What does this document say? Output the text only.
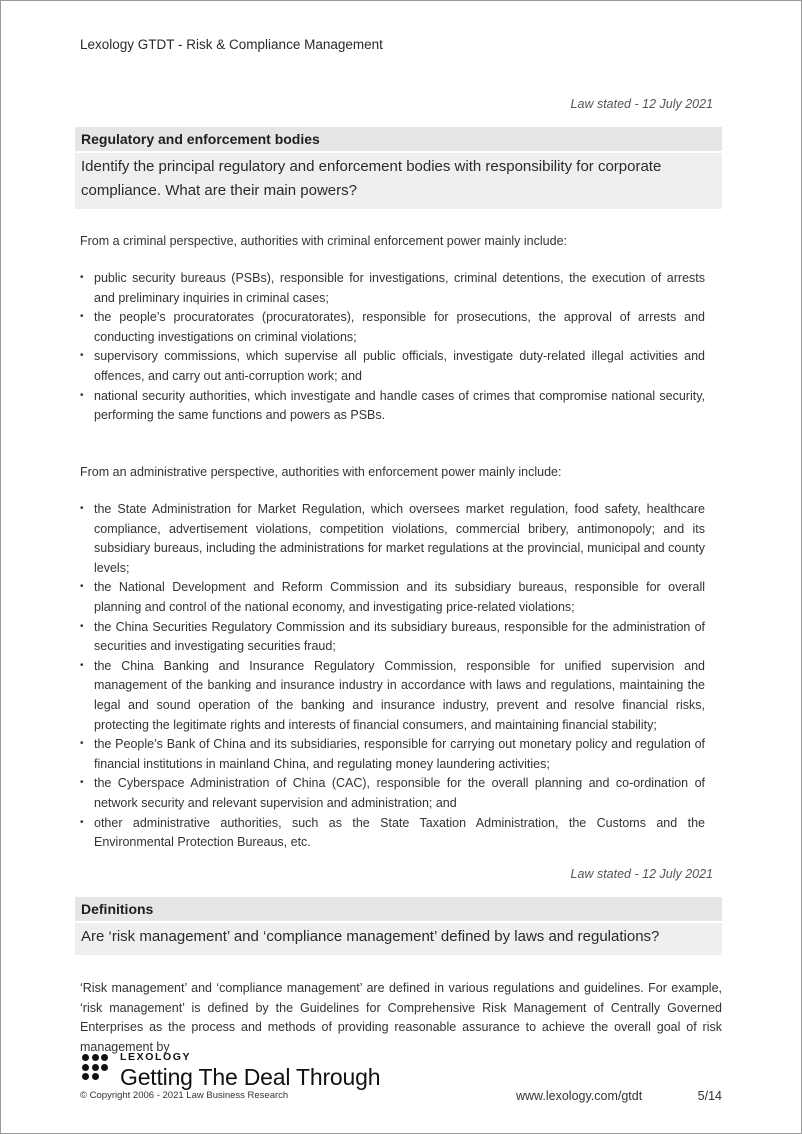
Lexology GTDT - Risk & Compliance Management
Law stated - 12 July 2021
Regulatory and enforcement bodies
Identify the principal regulatory and enforcement bodies with responsibility for corporate compliance. What are their main powers?
From a criminal perspective, authorities with criminal enforcement power mainly include:
• public security bureaus (PSBs), responsible for investigations, criminal detentions, the execution of arrests and preliminary inquiries in criminal cases;
• the people’s procuratorates (procuratorates), responsible for prosecutions, the approval of arrests and conducting investigations on criminal violations;
• supervisory commissions, which supervise all public officials, investigate duty-related illegal activities and offences, and carry out anti-corruption work; and
• national security authorities, which investigate and handle cases of crimes that compromise national security, performing the same functions and powers as PSBs.
From an administrative perspective, authorities with enforcement power mainly include:
• the State Administration for Market Regulation, which oversees market regulation, food safety, healthcare compliance, advertisement violations, competition violations, commercial bribery, antimonopoly; and its subsidiary bureaus, including the administrations for market regulations at the provincial, municipal and county levels;
• the National Development and Reform Commission and its subsidiary bureaus, responsible for overall planning and control of the national economy, and investigating price-related violations;
• the China Securities Regulatory Commission and its subsidiary bureaus, responsible for the administration of securities and investigating securities fraud;
• the China Banking and Insurance Regulatory Commission, responsible for unified supervision and management of the banking and insurance industry in accordance with laws and regulations, maintaining the legal and sound operation of the banking and insurance industry, prevent and resolve financial risks, protecting the legitimate rights and interests of financial consumers, and maintaining financial stability;
• the People’s Bank of China and its subsidiaries, responsible for carrying out monetary policy and regulation of financial institutions in mainland China, and regulating money laundering activities;
• the Cyberspace Administration of China (CAC), responsible for the overall planning and co-ordination of network security and relevant supervision and administration; and
• other administrative authorities, such as the State Taxation Administration, the Customs and the Environmental Protection Bureaus, etc.
Law stated - 12 July 2021
Definitions
Are ‘risk management’ and ‘compliance management’ defined by laws and regulations?
‘Risk management’ and ‘compliance management’ are defined in various regulations and guidelines. For example, ‘risk management’ is defined by the Guidelines for Comprehensive Risk Management of Centrally Governed Enterprises as the process and methods of providing reasonable assurance to achieve the overall goal of risk management by
LEXOLOGY
Getting The Deal Through
© Copyright 2006 - 2021 Law Business Research	www.lexology.com/gtdt	5/14
